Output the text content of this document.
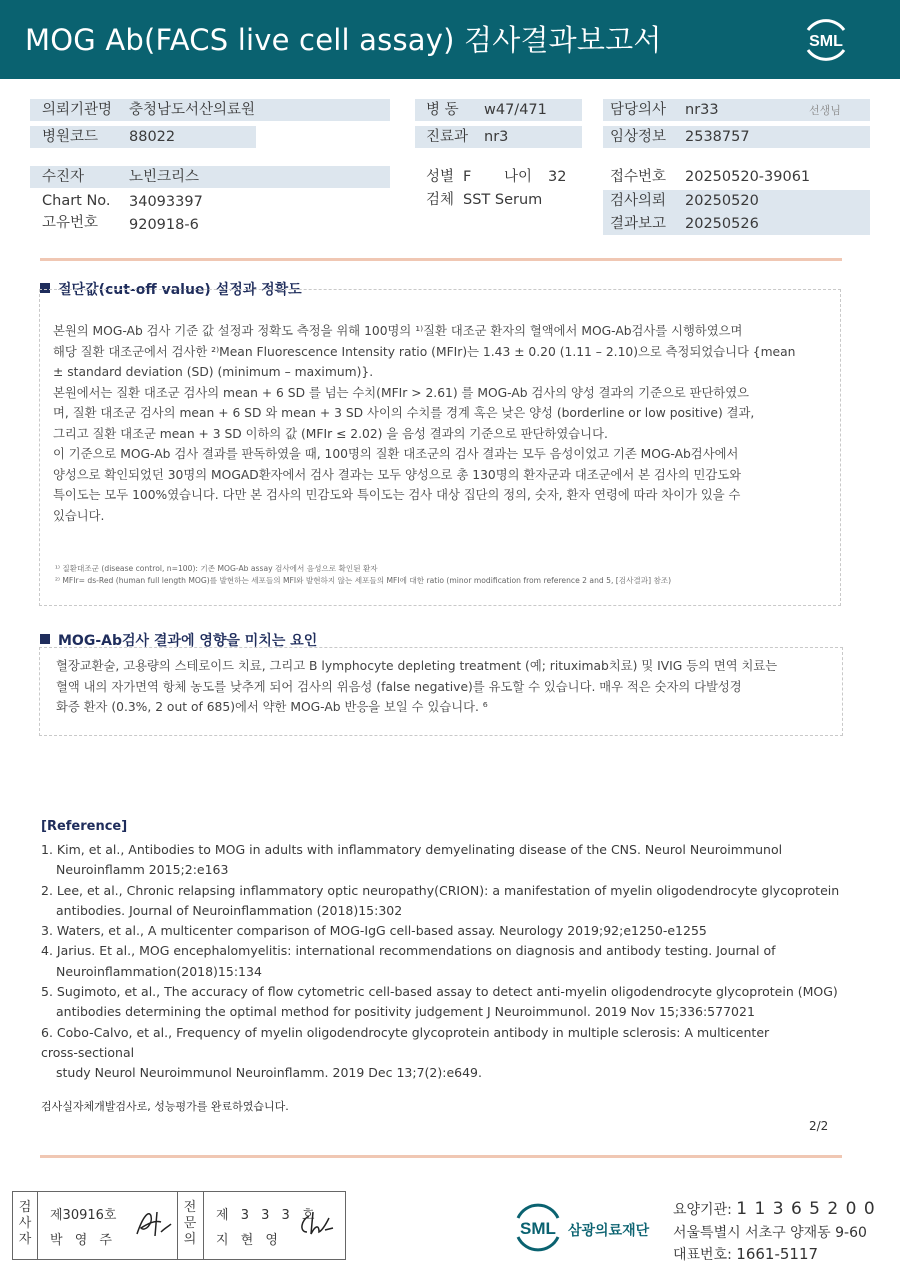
MOG Ab(FACS live cell assay) 검사결과보고서	SML
의뢰기관명 충청남도서산의료원
병원코드 88022
병 동 w47/471
진료과 nr3
담당의사 nr33	선생님
임상정보 2538757
수진자	노빈크리스
Chart No. 34093397
고유번호 920918-6
성별 F 나이 32
검체 SST Serum
접수번호 20250520-39061
검사의뢰 20250520
결과보고 20250526
절단값(cut-off value) 설정과 정확도
본원의 MOG-Ab 검사 기준 값 설정과 정확도 측정을 위해 100명의 ¹⁾질환 대조군 환자의 혈액에서 MOG-Ab검사를 시행하였으며
해당 질환 대조군에서 검사한 ²⁾Mean Fluorescence Intensity ratio (MFIr)는 1.43 ± 0.20 (1.11 – 2.10)으로 측정되었습니다 {mean
± standard deviation (SD) (minimum – maximum)}.
본원에서는 질환 대조군 검사의 mean + 6 SD 를 넘는 수치(MFIr > 2.61) 를 MOG-Ab 검사의 양성 결과의 기준으로 판단하였으
며, 질환 대조군 검사의 mean + 6 SD 와 mean + 3 SD 사이의 수치를 경계 혹은 낮은 양성 (borderline or low positive) 결과,
그리고 질환 대조군 mean + 3 SD 이하의 값 (MFIr ≤ 2.02) 을 음성 결과의 기준으로 판단하였습니다.
이 기준으로 MOG-Ab 검사 결과를 판독하였을 때, 100명의 질환 대조군의 검사 결과는 모두 음성이었고 기존 MOG-Ab검사에서
양성으로 확인되었던 30명의 MOGAD환자에서 검사 결과는 모두 양성으로 총 130명의 환자군과 대조군에서 본 검사의 민감도와
특이도는 모두 100%였습니다. 다만 본 검사의 민감도와 특이도는 검사 대상 집단의 정의, 숫자, 환자 연령에 따라 차이가 있을 수
있습니다.
¹⁾ 질환대조군 (disease control, n=100): 기존 MOG-Ab assay 검사에서 음성으로 확인된 환자
²⁾ MFIr= ds-Red (human full length MOG)를 발현하는 세포들의 MFI와 발현하지 않는 세포들의 MFI에 대한 ratio (minor modification from reference 2 and 5, [검사결과] 참조)
MOG-Ab검사 결과에 영향을 미치는 요인
혈장교환술, 고용량의 스테로이드 치료, 그리고 B lymphocyte depleting treatment (예; rituximab치료) 및 IVIG 등의 면역 치료는
혈액 내의 자가면역 항체 농도를 낮추게 되어 검사의 위음성 (false negative)를 유도할 수 있습니다. 매우 적은 숫자의 다발성경
화증 환자 (0.3%, 2 out of 685)에서 약한 MOG-Ab 반응을 보일 수 있습니다. ⁶
[Reference]
1. Kim, et al., Antibodies to MOG in adults with inflammatory demyelinating disease of the CNS. Neurol Neuroimmunol
Neuroinflamm 2015;2:e163
2. Lee, et al., Chronic relapsing inflammatory optic neuropathy(CRION): a manifestation of myelin oligodendrocyte glycoprotein
antibodies. Journal of Neuroinflammation (2018)15:302
3. Waters, et al., A multicenter comparison of MOG-IgG cell-based assay. Neurology 2019;92;e1250-e1255
4. Jarius. Et al., MOG encephalomyelitis: international recommendations on diagnosis and antibody testing. Journal of
Neuroinflammation(2018)15:134
5. Sugimoto, et al., The accuracy of flow cytometric cell-based assay to detect anti-myelin oligodendrocyte glycoprotein (MOG)
antibodies determining the optimal method for positivity judgement J Neuroimmunol. 2019 Nov 15;336:577021
6. Cobo-Calvo, et al., Frequency of myelin oligodendrocyte glycoprotein antibody in multiple sclerosis: A multicenter
cross-sectional
study Neurol Neuroimmunol Neuroinflamm. 2019 Dec 13;7(2):e649.
검사실자체개발검사로, 성능평가를 완료하였습니다.
2/2
검
사
자
제30916호
박 영 주
전
문
의
제 3 3 3 호
지 현 영
SML 삼광의료재단
요양기관: 1 1 3 6 5 2 0 0
서울특별시 서초구 양재동 9-60
대표번호: 1661-5117
